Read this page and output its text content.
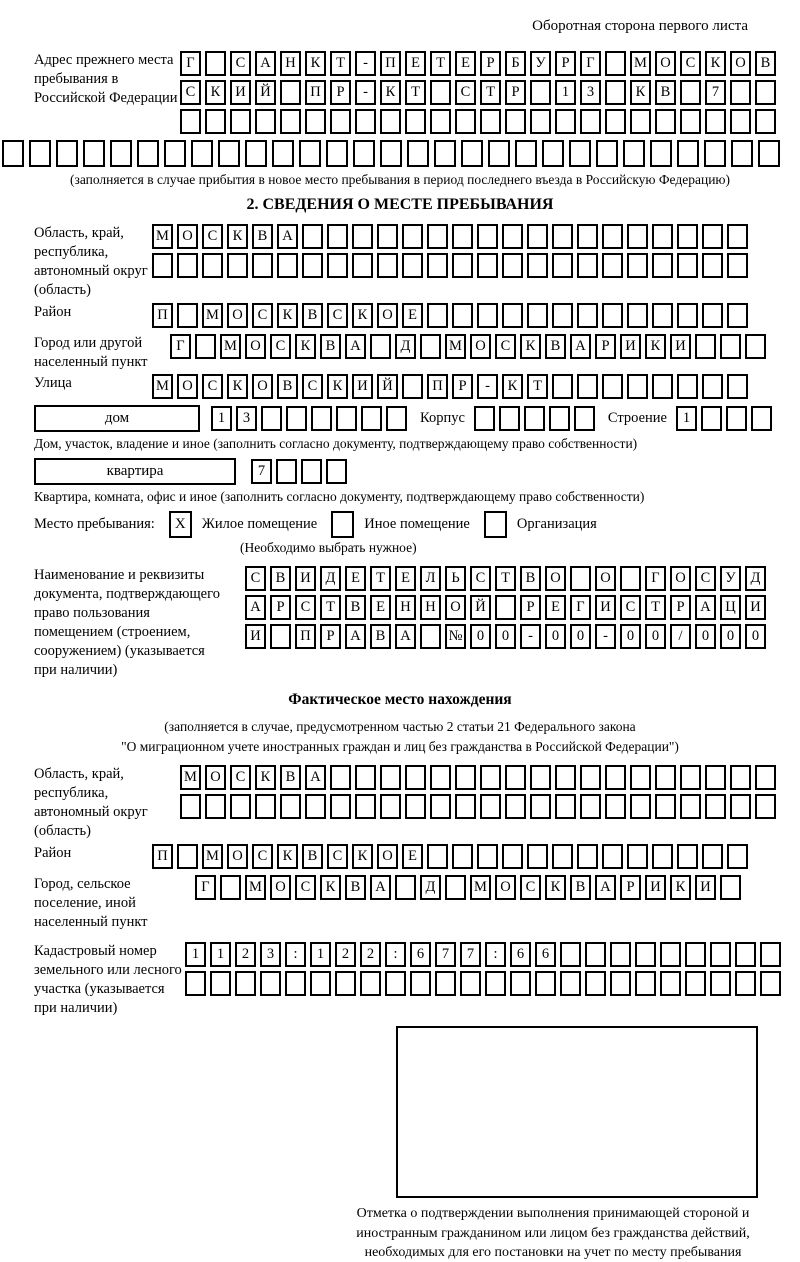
Оборотная сторона первого листа
Адрес прежнего места пребывания в Российской Федерации
Г	С	А	Н	К	Т	-	П	Е	Т	Е	Р	Б	У	Р	Г	М О	С	К	О	В
С	К	И	Й	П	Р	-	К	Т	С	Т	Р	1	3	К	В	7
(заполняется в случае прибытия в новое место пребывания в период последнего въезда в Российскую Федерацию)
2. СВЕДЕНИЯ О МЕСТЕ ПРЕБЫВАНИЯ
Область, край, республика, автономный округ (область)
М О	С	К	В	А
Район	П	М О	С	К	В	С	К	О	Е
Город или другой населенный пункт
Г	М О	С	К	В	А	Д	М О	С	К	В	А	Р	И	К	И
Улица	М О	С	К	О	В	С	К	И	Й	П	Р	-	К	Т
дом	1	3	Корпус	Строение	1
Дом, участок, владение и иное (заполнить согласно документу, подтверждающему право собственности)
квартира	7
Квартира, комната, офис и иное (заполнить согласно документу, подтверждающему право собственности)
Место пребывания:	X	Жилое помещение	Иное помещение	Организация
(Необходимо выбрать нужное)
Наименование и реквизиты документа, подтверждающего право пользования помещением (строением, сооружением) (указывается при наличии)
С	В	И	Д	Е	Т	Е	Л	Ь	С	Т	В	О	О	Г	О	С	У	Д
А	Р	С	Т	В	Е	Н	Н	О	Й	Р	Е	Г	И	С	Т	Р	А	Ц	И
И	П	Р	А	В	А	№ 0	0	-	0	0	-	0	0	/	0	0	0
Фактическое место нахождения
(заполняется в случае, предусмотренном частью 2 статьи 21 Федерального закона
"О миграционном учете иностранных граждан и лиц без гражданства в Российской Федерации")
Область, край, республика, автономный округ (область)
М О	С	К	В	А
Район	П	М О	С	К	В	С	К	О	Е
Город, сельское поселение, иной населенный пункт
Г	М О	С	К	В	А	Д	М О	С	К	В	А	Р	И	К	И
Кадастровый номер земельного или лесного участка (указывается при наличии)
1	1	2	3	:	1	2	2	:	6	7	7	:	6	6
Отметка о подтверждении выполнения принимающей стороной и иностранным гражданином или лицом без гражданства действий, необходимых для его постановки на учет по месту пребывания
